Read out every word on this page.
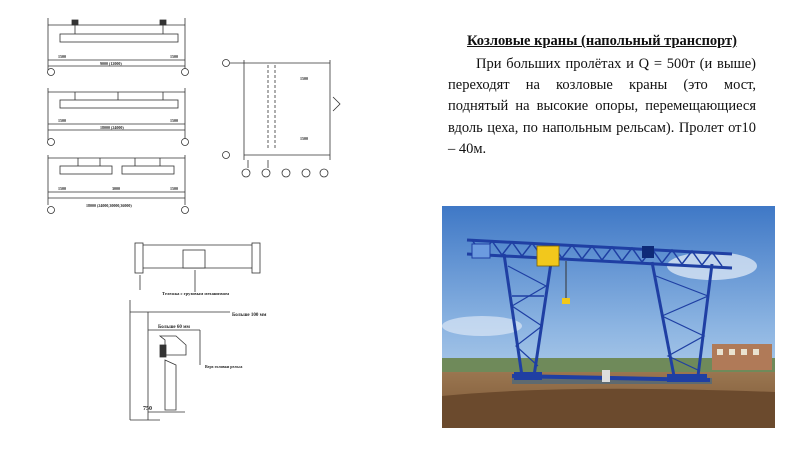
1500	1500
9000 (12000)
1500	1500
18000 (24000)
1500	3000	1500
18000 (24000,30000,36000)
1500
1500
Тележка с грузовым механизмом
Больше 100 мм
Больше 60 мм
Верх головки рельса
750

Козловые краны (напольный транспорт)

При больших пролётах и Q = 500т (и выше) переходят на козловые краны (это мост, поднятый на высокие опоры, перемещающиеся вдоль цеха, по напольным рельсам). Пролет от10 – 40м.
